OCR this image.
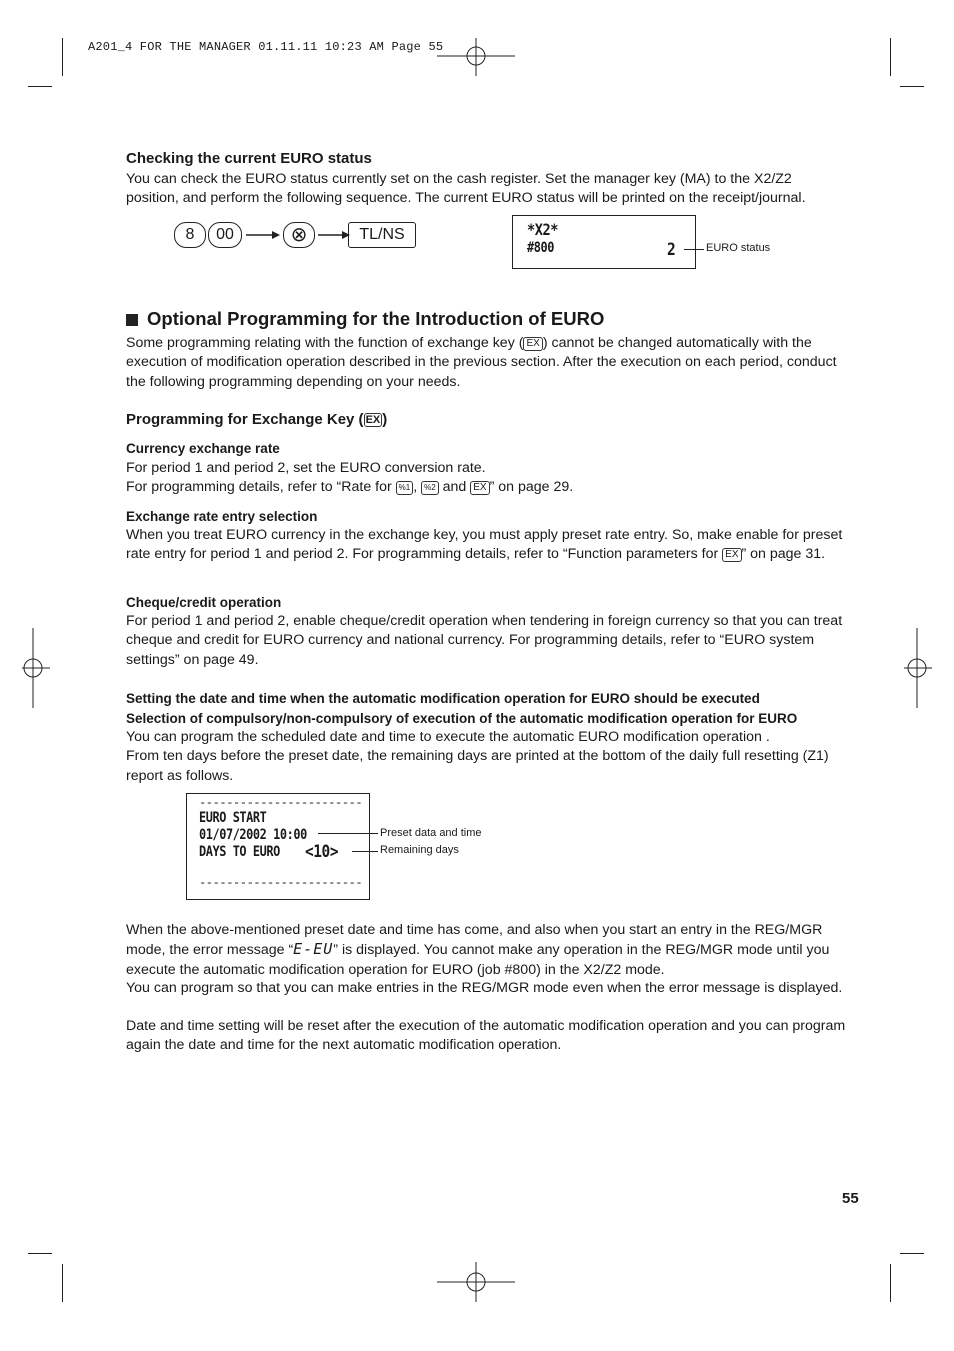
A201_4 FOR THE MANAGER 01.11.11 10:23 AM Page 55
Checking the current EURO status
You can check the EURO status currently set on the cash register. Set the manager key (MA) to the X2/Z2 position, and perform the following sequence. The current EURO status will be printed on the receipt/journal.
8	00	⊗	TL/NS	*X2*
#800	2	EURO status
Optional Programming for the Introduction of EURO
Some programming relating with the function of exchange key ( EX ) cannot be changed automatically with the execution of modification operation described in the previous section. After the execution on each period, conduct the following programming depending on your needs.
Programming for Exchange Key ( EX )
Currency exchange rate
For period 1 and period 2, set the EURO conversion rate.
For programming details, refer to “Rate for %1 , %2 and EX ” on page 29.
Exchange rate entry selection
When you treat EURO currency in the exchange key, you must apply preset rate entry. So, make enable for preset rate entry for period 1 and period 2. For programming details, refer to “Function parameters for EX ” on page 31.
Cheque/credit operation
For period 1 and period 2, enable cheque/credit operation when tendering in foreign currency so that you can treat cheque and credit for EURO currency and national currency. For programming details, refer to “EURO system settings” on page 49.
Setting the date and time when the automatic modification operation for EURO should be executed
Selection of compulsory/non-compulsory of execution of the automatic modification operation for EURO
You can program the scheduled date and time to execute the automatic EURO modification operation .
From ten days before the preset date, the remaining days are printed at the bottom of the daily full resetting (Z1) report as follows.
------------------------
EURO START
01/07/2002 10:00
DAYS TO EURO <10>
------------------------
Preset data and time
Remaining days
When the above-mentioned preset date and time has come, and also when you start an entry in the REG/MGR mode, the error message “E-EU” is displayed. You cannot make any operation in the REG/MGR mode until you execute the automatic modification operation for EURO (job #800) in the X2/Z2 mode.
You can program so that you can make entries in the REG/MGR mode even when the error message is displayed.
Date and time setting will be reset after the execution of the automatic modification operation and you can program again the date and time for the next automatic modification operation.
55
